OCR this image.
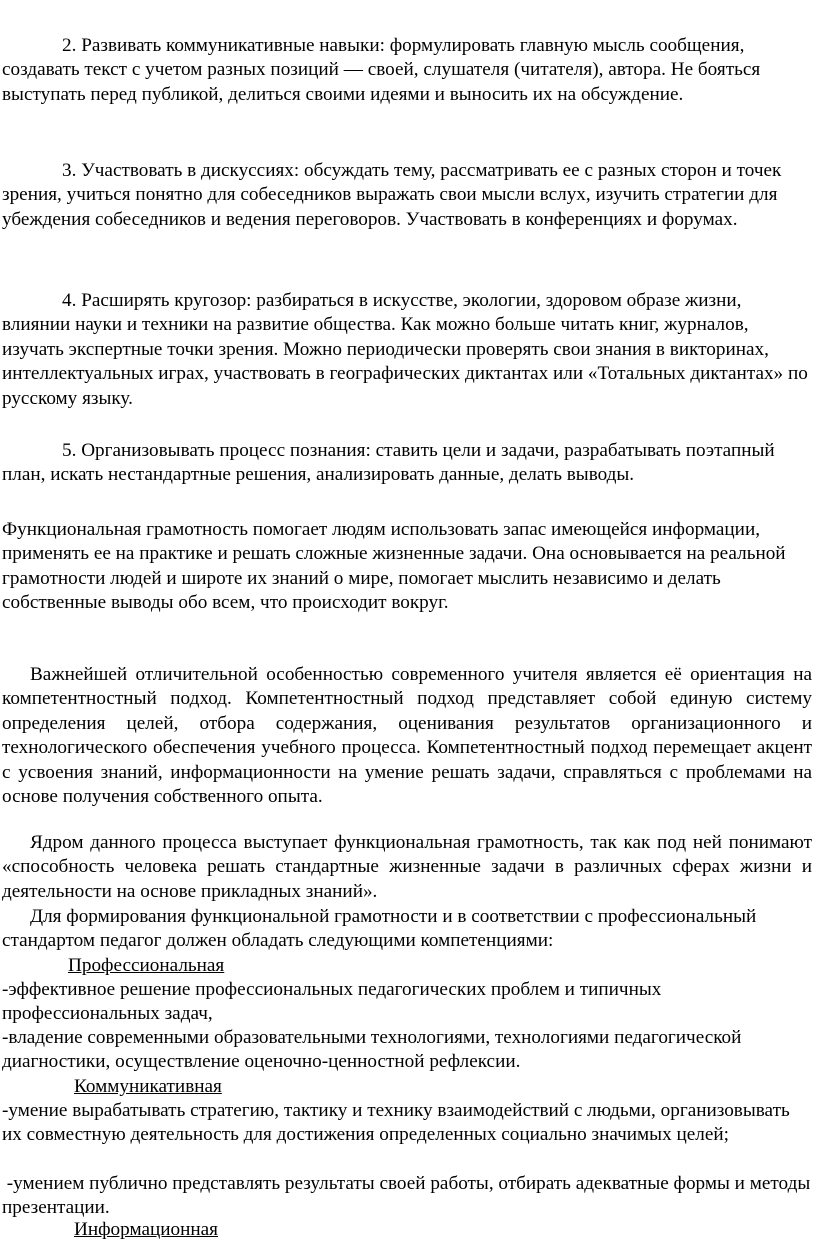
2. Развивать коммуникативные навыки: формулировать главную мысль сообщения, создавать текст с учетом разных позиций — своей, слушателя (читателя), автора. Не бояться выступать перед публикой, делиться своими идеями и выносить их на обсуждение.

3. Участвовать в дискуссиях: обсуждать тему, рассматривать ее с разных сторон и точек зрения, учиться понятно для собеседников выражать свои мысли вслух, изучить стратегии для убеждения собеседников и ведения переговоров. Участвовать в конференциях и форумах.

4. Расширять кругозор: разбираться в искусстве, экологии, здоровом образе жизни, влиянии науки и техники на развитие общества. Как можно больше читать книг, журналов, изучать экспертные точки зрения. Можно периодически проверять свои знания в викторинах, интеллектуальных играх, участвовать в географических диктантах или «Тотальных диктантах» по русскому языку.

5. Организовывать процесс познания: ставить цели и задачи, разрабатывать поэтапный план, искать нестандартные решения, анализировать данные, делать выводы.

Функциональная грамотность помогает людям использовать запас имеющейся информации, применять ее на практике и решать сложные жизненные задачи. Она основывается на реальной грамотности людей и широте их знаний о мире, помогает мыслить независимо и делать собственные выводы обо всем, что происходит вокруг.

Важнейшей отличительной особенностью современного учителя является её ориентация на компетентностный подход. Компетентностный подход представляет собой единую систему определения целей, отбора содержания, оценивания результатов организационного и технологического обеспечения учебного процесса. Компетентностный подход перемещает акцент с усвоения знаний, информационности на умение решать задачи, справляться с проблемами на основе получения собственного опыта.

Ядром данного процесса выступает функциональная грамотность, так как под ней понимают «способность человека решать стандартные жизненные задачи в различных сферах жизни и деятельности на основе прикладных знаний».

Для формирования функциональной грамотности и в соответствии с профессиональный стандартом педагог должен обладать следующими компетенциями:

Профессиональная

-эффективное решение профессиональных педагогических проблем и типичных профессиональных задач,

-владение современными образовательными технологиями, технологиями педагогической диагностики, осуществление оценочно-ценностной рефлексии.

Коммуникативная

-умение вырабатывать стратегию, тактику и технику взаимодействий с людьми, организовывать их совместную деятельность для достижения определенных социально значимых целей;

-умением публично представлять результаты своей работы, отбирать адекватные формы и методы презентации.

Информационная
